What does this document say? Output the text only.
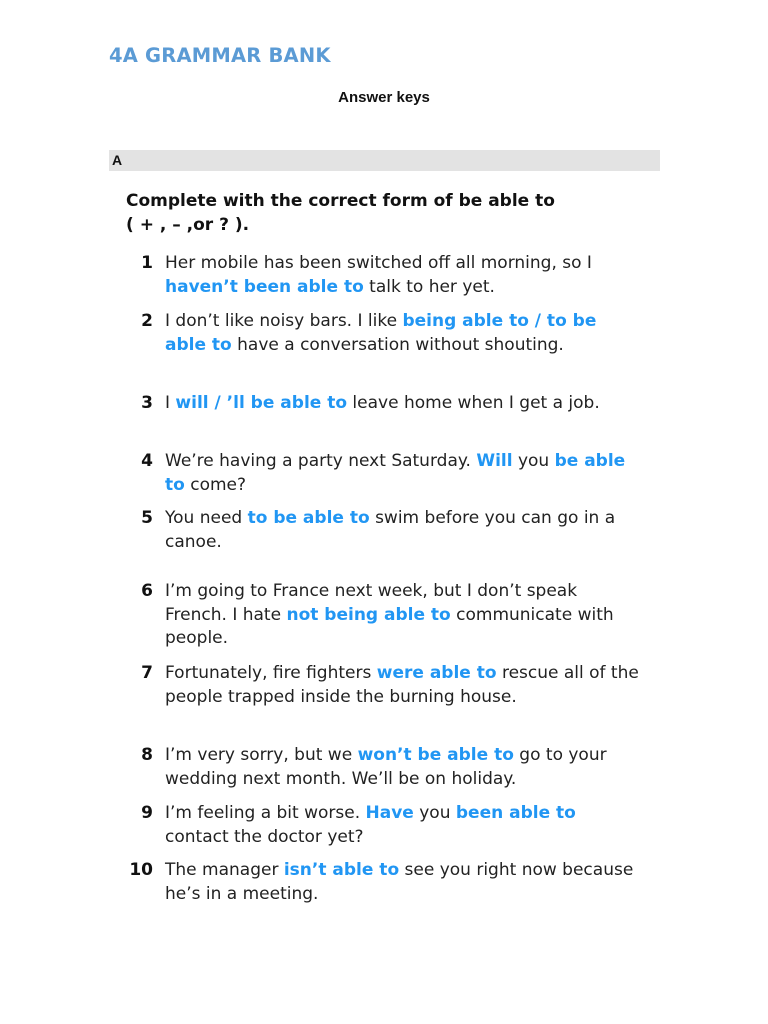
4A GRAMMAR BANK
Answer keys
A
Complete with the correct form of be able to
( + , – ,or ? ).
1 Her mobile has been switched off all morning, so I haven’t been able to talk to her yet.
2 I don’t like noisy bars. I like being able to / to be able to have a conversation without shouting.
3 I will / ’ll be able to leave home when I get a job.
4 We’re having a party next Saturday. Will you be able to come?
5 You need to be able to swim before you can go in a canoe.
6 I’m going to France next week, but I don’t speak French. I hate not being able to communicate with people.
7 Fortunately, fire fighters were able to rescue all of the people trapped inside the burning house.
8 I’m very sorry, but we won’t be able to go to your wedding next month. We’ll be on holiday.
9 I’m feeling a bit worse. Have you been able to contact the doctor yet?
10 The manager isn’t able to see you right now because he’s in a meeting.
